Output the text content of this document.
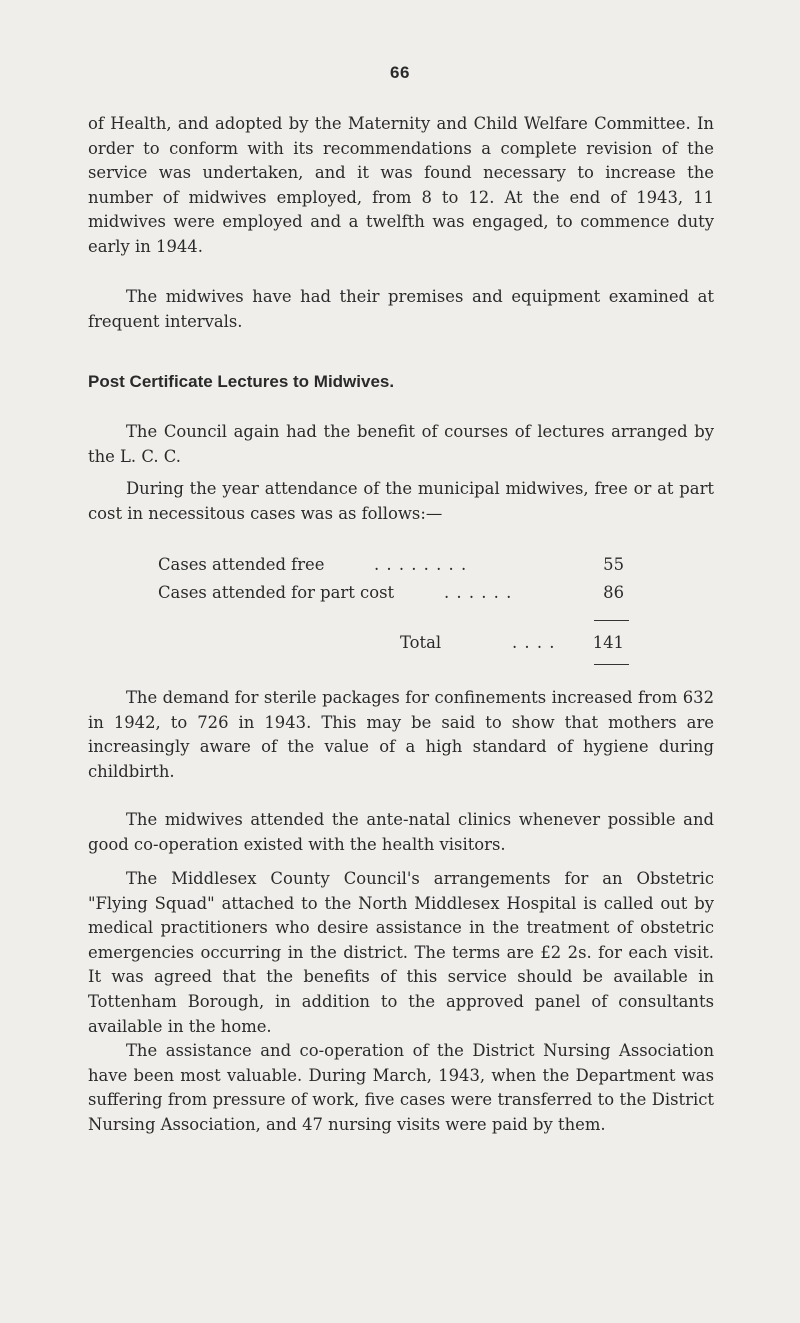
66

of Health, and adopted by the Maternity and Child Welfare Committee. In order to conform with its recommendations a complete revision of the service was undertaken, and it was found necessary to increase the number of midwives employed, from 8 to 12. At the end of 1943, 11 midwives were employed and a twelfth was engaged, to commence duty early in 1944.

The midwives have had their premises and equipment examined at frequent intervals.

Post Certificate Lectures to Midwives.

The Council again had the benefit of courses of lectures arranged by the L. C. C.

During the year attendance of the municipal midwives, free or at part cost in necessitous cases was as follows:—

Cases attended free	. . . . . . . .	55
Cases attended for part cost	. . . . . .	86
Total	. . . .	141

The demand for sterile packages for confinements increased from 632 in 1942, to 726 in 1943. This may be said to show that mothers are increasingly aware of the value of a high standard of hygiene during childbirth.

The midwives attended the ante-natal clinics whenever possible and good co-operation existed with the health visitors.

The Middlesex County Council's arrangements for an Obstetric "Flying Squad" attached to the North Middlesex Hospital is called out by medical practitioners who desire assistance in the treatment of obstetric emergencies occurring in the district. The terms are £2 2s. for each visit. It was agreed that the benefits of this service should be available in Tottenham Borough, in addition to the approved panel of consultants available in the home.

The assistance and co-operation of the District Nursing Association have been most valuable. During March, 1943, when the Department was suffering from pressure of work, five cases were transferred to the District Nursing Association, and 47 nursing visits were paid by them.
